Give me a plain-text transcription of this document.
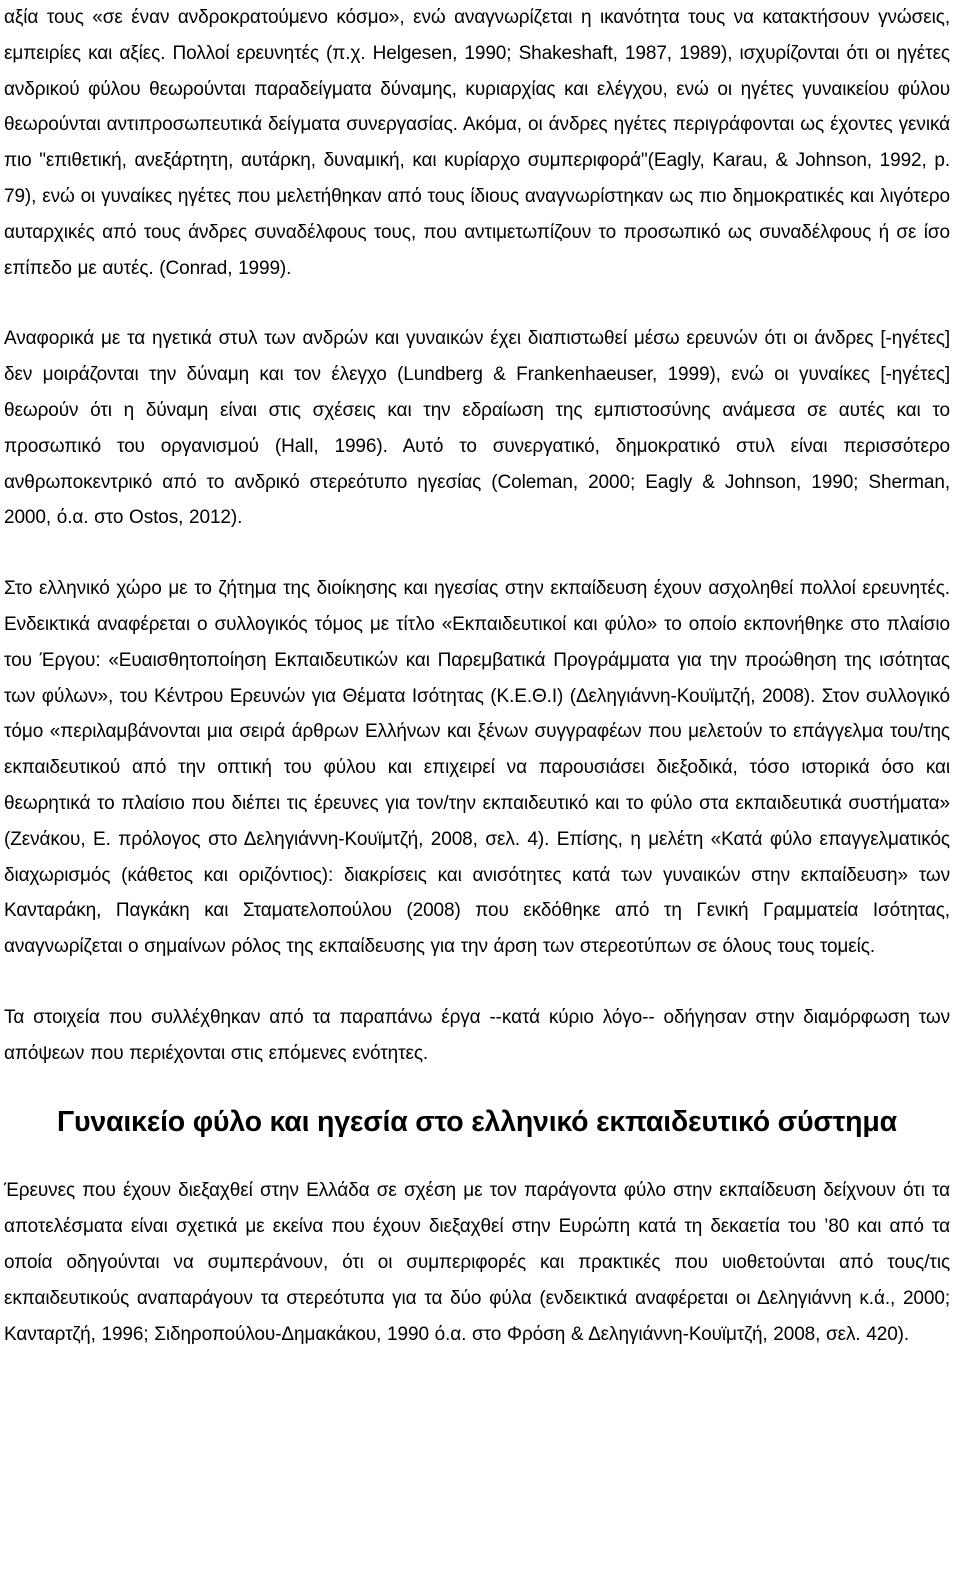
αξία τους «σε έναν ανδροκρατούμενο κόσμο», ενώ αναγνωρίζεται η ικανότητα τους να κατακτήσουν γνώσεις, εμπειρίες και αξίες. Πολλοί ερευνητές (π.χ. Helgesen, 1990; Shakeshaft, 1987, 1989), ισχυρίζονται ότι οι ηγέτες ανδρικού φύλου θεωρούνται παραδείγματα δύναμης, κυριαρχίας και ελέγχου, ενώ οι ηγέτες γυναικείου φύλου θεωρούνται αντιπροσωπευτικά δείγματα συνεργασίας. Ακόμα, οι άνδρες ηγέτες περιγράφονται ως έχοντες γενικά πιο "επιθετική, ανεξάρτητη, αυτάρκη, δυναμική, και κυρίαρχο συμπεριφορά"(Eagly, Karau, & Johnson, 1992, p. 79), ενώ οι γυναίκες ηγέτες που μελετήθηκαν από τους ίδιους αναγνωρίστηκαν ως πιο δημοκρατικές και λιγότερο αυταρχικές από τους άνδρες συναδέλφους τους, που αντιμετωπίζουν το προσωπικό ως συναδέλφους ή σε ίσο επίπεδο με αυτές. (Conrad, 1999).

Αναφορικά με τα ηγετικά στυλ των ανδρών και γυναικών έχει διαπιστωθεί μέσω ερευνών ότι οι άνδρες [-ηγέτες] δεν μοιράζονται την δύναμη και τον έλεγχο (Lundberg & Frankenhaeuser, 1999), ενώ οι γυναίκες [-ηγέτες] θεωρούν ότι η δύναμη είναι στις σχέσεις και την εδραίωση της εμπιστοσύνης ανάμεσα σε αυτές και το προσωπικό του οργανισμού (Hall, 1996). Αυτό το συνεργατικό, δημοκρατικό στυλ είναι περισσότερο ανθρωποκεντρικό από το ανδρικό στερεότυπο ηγεσίας (Coleman, 2000; Eagly & Johnson, 1990; Sherman, 2000, ό.α. στο Ostos, 2012).

Στο ελληνικό χώρο με το ζήτημα της διοίκησης και ηγεσίας στην εκπαίδευση έχουν ασχοληθεί πολλοί ερευνητές. Ενδεικτικά αναφέρεται ο συλλογικός τόμος με τίτλο «Εκπαιδευτικοί και φύλο» το οποίο εκπονήθηκε στο πλαίσιο του Έργου: «Ευαισθητοποίηση Εκπαιδευτικών και Παρεμβατικά Προγράμματα για την προώθηση της ισότητας των φύλων», του Κέντρου Ερευνών για Θέματα Ισότητας (Κ.Ε.Θ.Ι) (Δεληγιάννη-Κουϊμτζή, 2008). Στον συλλογικό τόμο «περιλαμβάνονται μια σειρά άρθρων Ελλήνων και ξένων συγγραφέων που μελετούν το επάγγελμα του/της εκπαιδευτικού από την οπτική του φύλου και επιχειρεί να παρουσιάσει διεξοδικά, τόσο ιστορικά όσο και θεωρητικά το πλαίσιο που διέπει τις έρευνες για τον/την εκπαιδευτικό και το φύλο στα εκπαιδευτικά συστήματα» (Ζενάκου, Ε. πρόλογος στο Δεληγιάννη-Κουϊμτζή, 2008, σελ. 4). Επίσης, η μελέτη «Κατά φύλο επαγγελματικός διαχωρισμός (κάθετος και οριζόντιος): διακρίσεις και ανισότητες κατά των γυναικών στην εκπαίδευση» των Κανταράκη, Παγκάκη και Σταματελοπούλου (2008) που εκδόθηκε από τη Γενική Γραμματεία Ισότητας, αναγνωρίζεται ο σημαίνων ρόλος της εκπαίδευσης για την άρση των στερεοτύπων σε όλους τους τομείς.

Τα στοιχεία που συλλέχθηκαν από τα παραπάνω έργα --κατά κύριο λόγο-- οδήγησαν στην διαμόρφωση των απόψεων που περιέχονται στις επόμενες ενότητες.

Γυναικείο φύλο και ηγεσία στο ελληνικό εκπαιδευτικό σύστημα

Έρευνες που έχουν διεξαχθεί στην Ελλάδα σε σχέση με τον παράγοντα φύλο στην εκπαίδευση δείχνουν ότι τα αποτελέσματα είναι σχετικά με εκείνα που έχουν διεξαχθεί στην Ευρώπη κατά τη δεκαετία του ’80 και από τα οποία οδηγούνται να συμπεράνουν, ότι οι συμπεριφορές και πρακτικές που υιοθετούνται από τους/τις εκπαιδευτικούς αναπαράγουν τα στερεότυπα για τα δύο φύλα (ενδεικτικά αναφέρεται οι Δεληγιάννη κ.ά., 2000; Κανταρτζή, 1996; Σιδηροπούλου-Δημακάκου, 1990 ό.α. στο Φρόση & Δεληγιάννη-Κουϊμτζή, 2008, σελ. 420).
